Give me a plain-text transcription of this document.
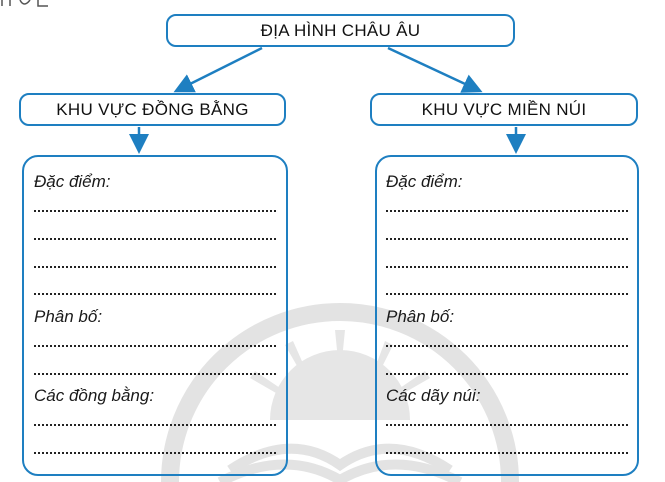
ĐỊA HÌNH CHÂU ÂU
KHU VỰC ĐỒNG BẰNG	KHU VỰC MIỀN NÚI
Đặc điểm:
Phân bố:
Các đồng bằng:
Đặc điểm:
Phân bố:
Các dãy núi:
